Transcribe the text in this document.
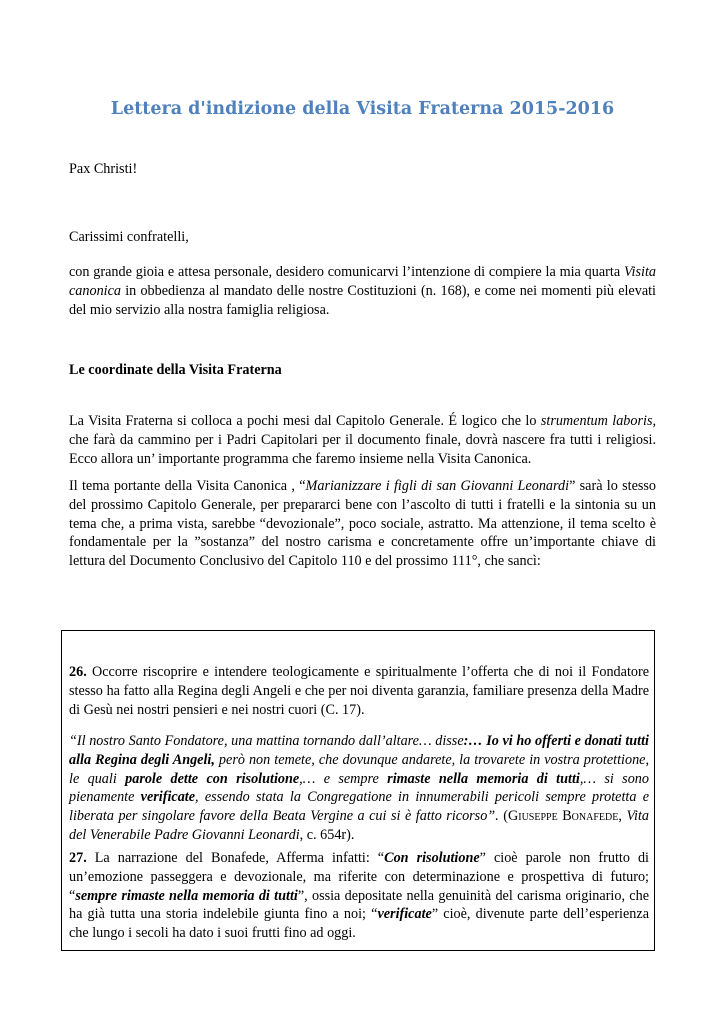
Lettera d'indizione della Visita Fraterna 2015-2016

Pax Christi!

Carissimi confratelli,

con grande gioia e attesa personale, desidero comunicarvi l’intenzione di compiere la mia quarta Visita canonica in obbedienza al mandato delle nostre Costituzioni (n. 168), e come nei momenti più elevati del mio servizio alla nostra famiglia religiosa.

Le coordinate della Visita Fraterna

La Visita Fraterna si colloca a pochi mesi dal Capitolo Generale. É logico che lo strumentum laboris, che farà da cammino per i Padri Capitolari per il documento finale, dovrà nascere fra tutti i religiosi. Ecco allora un’ importante programma che faremo insieme nella Visita Canonica.

Il tema portante della Visita Canonica , “Marianizzare i figli di san Giovanni Leonardi” sarà lo stesso del prossimo Capitolo Generale, per prepararci bene con l’ascolto di tutti i fratelli e la sintonia su un tema che, a prima vista, sarebbe “devozionale”, poco sociale, astratto. Ma attenzione, il tema scelto è fondamentale per la ”sostanza” del nostro carisma e concretamente offre un’importante chiave di lettura del Documento Conclusivo del Capitolo 110 e del prossimo 111°, che sancì:

26. Occorre riscoprire e intendere teologicamente e spiritualmente l’offerta che di noi il Fondatore stesso ha fatto alla Regina degli Angeli e che per noi diventa garanzia, familiare presenza della Madre di Gesù nei nostri pensieri e nei nostri cuori (C. 17).

“Il nostro Santo Fondatore, una mattina tornando dall’altare… disse:… Io vi ho offerti e donati tutti alla Regina degli Angeli, però non temete, che dovunque andarete, la trovarete in vostra protettione, le quali parole dette con risolutione,… e sempre rimaste nella memoria di tutti,… si sono pienamente verificate, essendo stata la Congregatione in innumerabili pericoli sempre protetta e liberata per singolare favore della Beata Vergine a cui si è fatto ricorso”. (Giuseppe Bonafede, Vita del Venerabile Padre Giovanni Leonardi, c. 654r).

27. La narrazione del Bonafede, Afferma infatti: “Con risolutione” cioè parole non frutto di un’emozione passeggera e devozionale, ma riferite con determinazione e prospettiva di futuro; “sempre rimaste nella memoria di tutti”, ossia depositate nella genuinità del carisma originario, che ha già tutta una storia indelebile giunta fino a noi; “verificate” cioè, divenute parte dell’esperienza che lungo i secoli ha dato i suoi frutti fino ad oggi.
